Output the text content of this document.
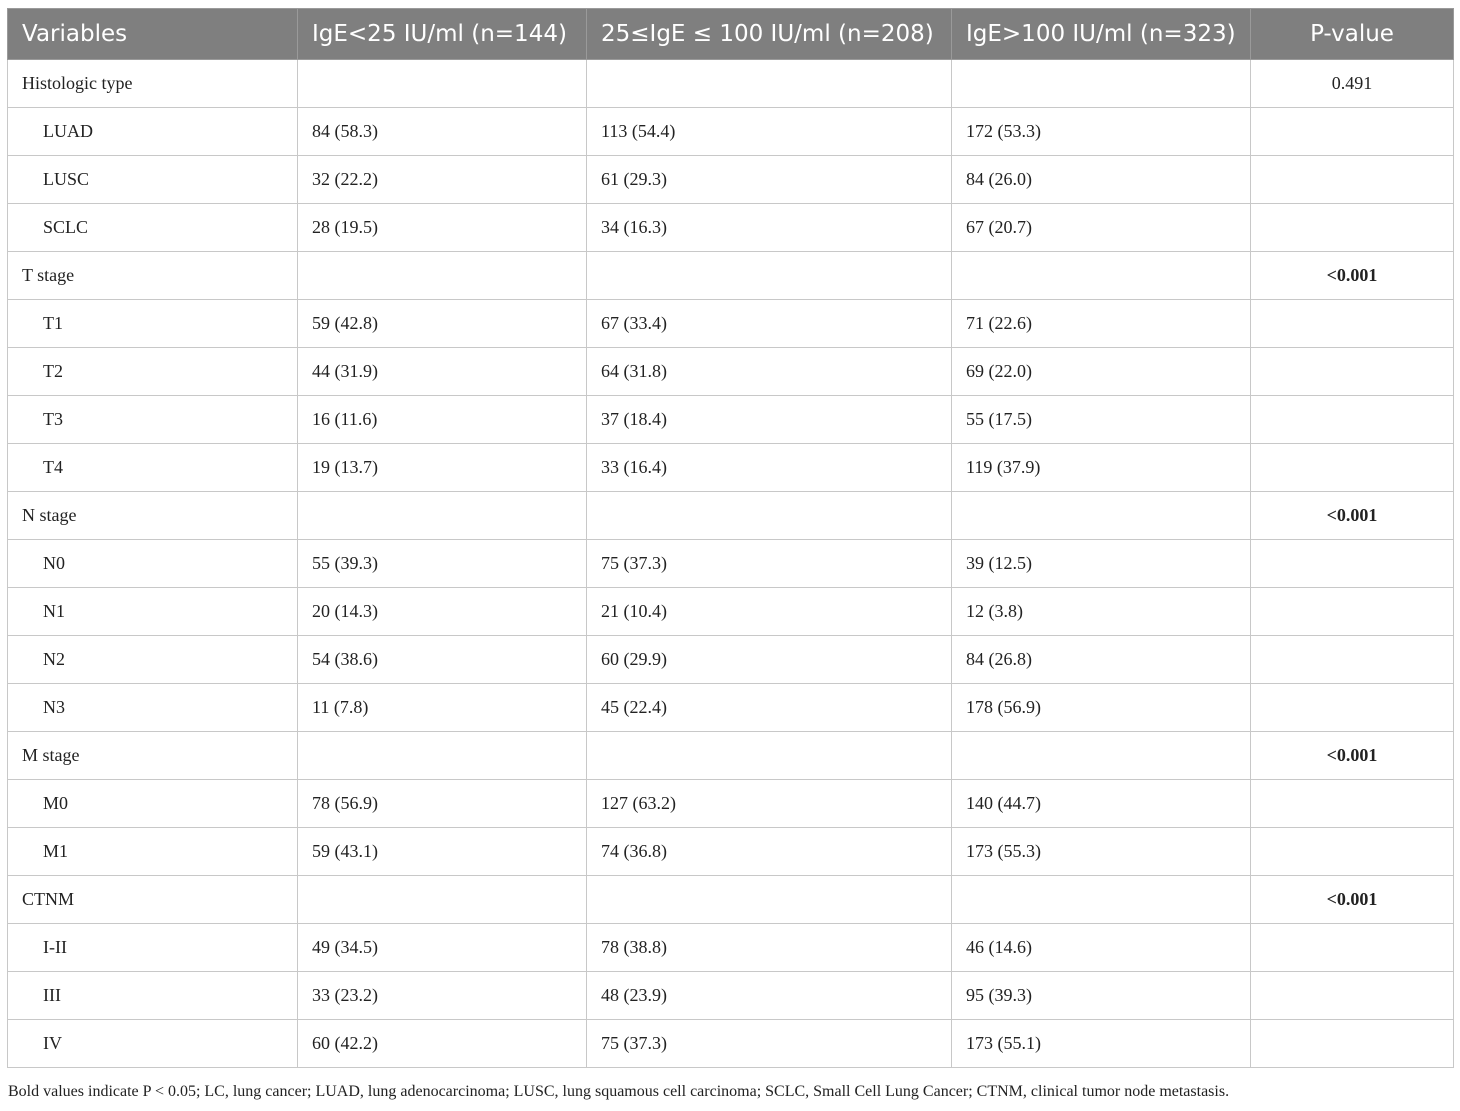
Variables	IgE<25 IU/ml (n=144)	25≤IgE ≤ 100 IU/ml (n=208)	IgE>100 IU/ml (n=323)	P-value
Histologic type				0.491
LUAD	84 (58.3)	113 (54.4)	172 (53.3)	
LUSC	32 (22.2)	61 (29.3)	84 (26.0)	
SCLC	28 (19.5)	34 (16.3)	67 (20.7)	
T stage				<0.001
T1	59 (42.8)	67 (33.4)	71 (22.6)	
T2	44 (31.9)	64 (31.8)	69 (22.0)	
T3	16 (11.6)	37 (18.4)	55 (17.5)	
T4	19 (13.7)	33 (16.4)	119 (37.9)	
N stage				<0.001
N0	55 (39.3)	75 (37.3)	39 (12.5)	
N1	20 (14.3)	21 (10.4)	12 (3.8)	
N2	54 (38.6)	60 (29.9)	84 (26.8)	
N3	11 (7.8)	45 (22.4)	178 (56.9)	
M stage				<0.001
M0	78 (56.9)	127 (63.2)	140 (44.7)	
M1	59 (43.1)	74 (36.8)	173 (55.3)	
CTNM				<0.001
I-II	49 (34.5)	78 (38.8)	46 (14.6)	
III	33 (23.2)	48 (23.9)	95 (39.3)	
IV	60 (42.2)	75 (37.3)	173 (55.1)	
Bold values indicate P < 0.05; LC, lung cancer; LUAD, lung adenocarcinoma; LUSC, lung squamous cell carcinoma; SCLC, Small Cell Lung Cancer; CTNM, clinical tumor node metastasis.
